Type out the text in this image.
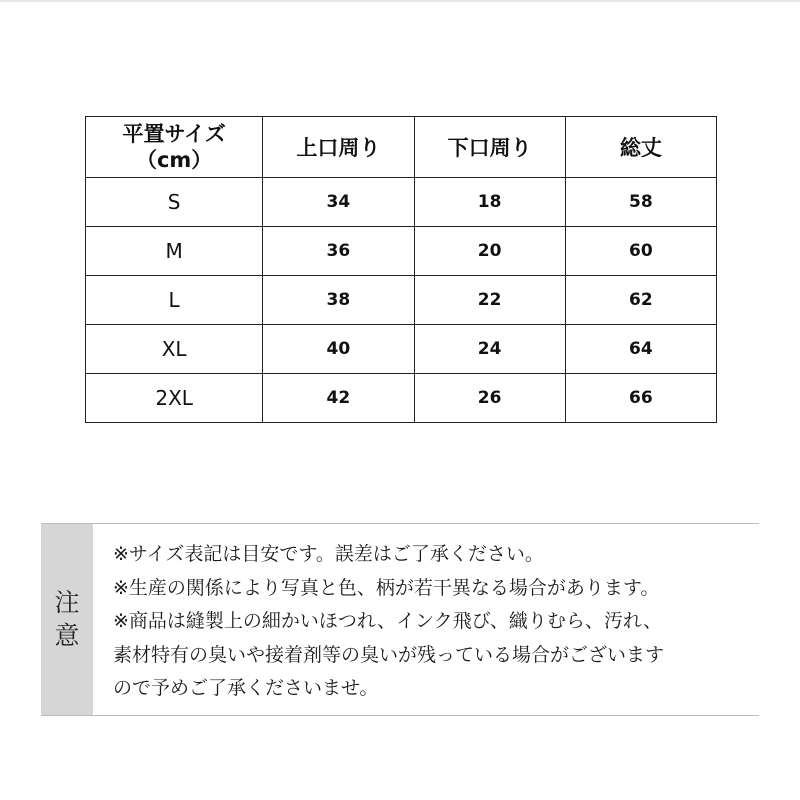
平置サイズ
（cm）	上口周り	下口周り	総丈
S	34	18	58
M	36	20	60
L	38	22	62
XL	40	24	64
2XL	42	26	66
注
意
※サイズ表記は目安です。誤差はご了承ください。
※生産の関係により写真と色、柄が若干異なる場合があります。
※商品は縫製上の細かいほつれ、インク飛び、織りむら、汚れ、
素材特有の臭いや接着剤等の臭いが残っている場合がございます
ので予めご了承くださいませ。
